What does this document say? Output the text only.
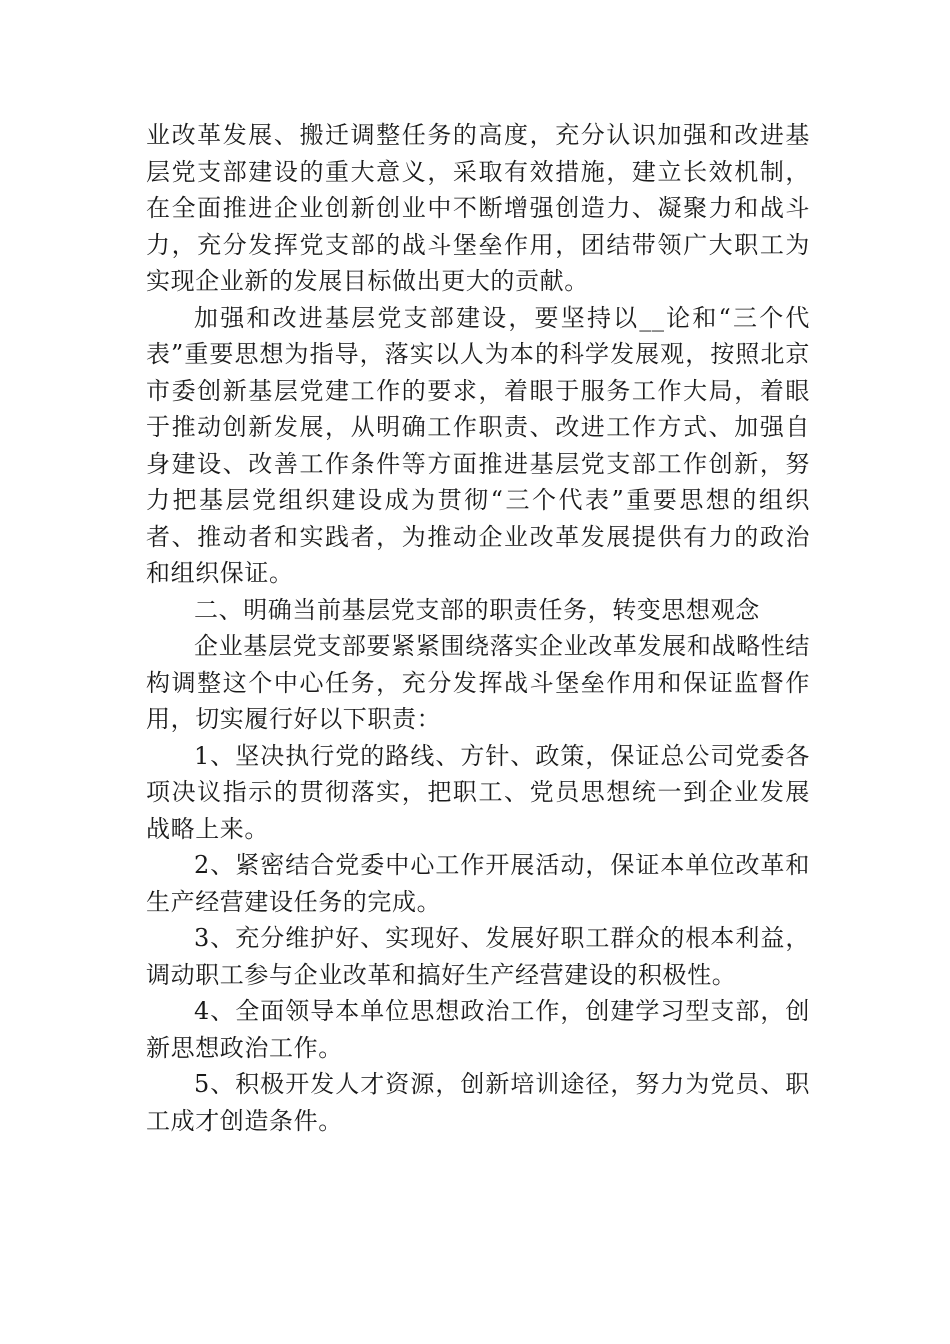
业改革发展、搬迁调整任务的高度，充分认识加强和改进基层党支部建设的重大意义，采取有效措施，建立长效机制，在全面推进企业创新创业中不断增强创造力、凝聚力和战斗力，充分发挥党支部的战斗堡垒作用，团结带领广大职工为实现企业新的发展目标做出更大的贡献。

加强和改进基层党支部建设，要坚持以__论和“三个代表”重要思想为指导，落实以人为本的科学发展观，按照北京市委创新基层党建工作的要求，着眼于服务工作大局，着眼于推动创新发展，从明确工作职责、改进工作方式、加强自身建设、改善工作条件等方面推进基层党支部工作创新，努力把基层党组织建设成为贯彻“三个代表”重要思想的组织者、推动者和实践者，为推动企业改革发展提供有力的政治和组织保证。

二、明确当前基层党支部的职责任务，转变思想观念

企业基层党支部要紧紧围绕落实企业改革发展和战略性结构调整这个中心任务，充分发挥战斗堡垒作用和保证监督作用，切实履行好以下职责：

1、坚决执行党的路线、方针、政策，保证总公司党委各项决议指示的贯彻落实，把职工、党员思想统一到企业发展战略上来。

2、紧密结合党委中心工作开展活动，保证本单位改革和生产经营建设任务的完成。

3、充分维护好、实现好、发展好职工群众的根本利益，调动职工参与企业改革和搞好生产经营建设的积极性。

4、全面领导本单位思想政治工作，创建学习型支部，创新思想政治工作。

5、积极开发人才资源，创新培训途径，努力为党员、职工成才创造条件。
